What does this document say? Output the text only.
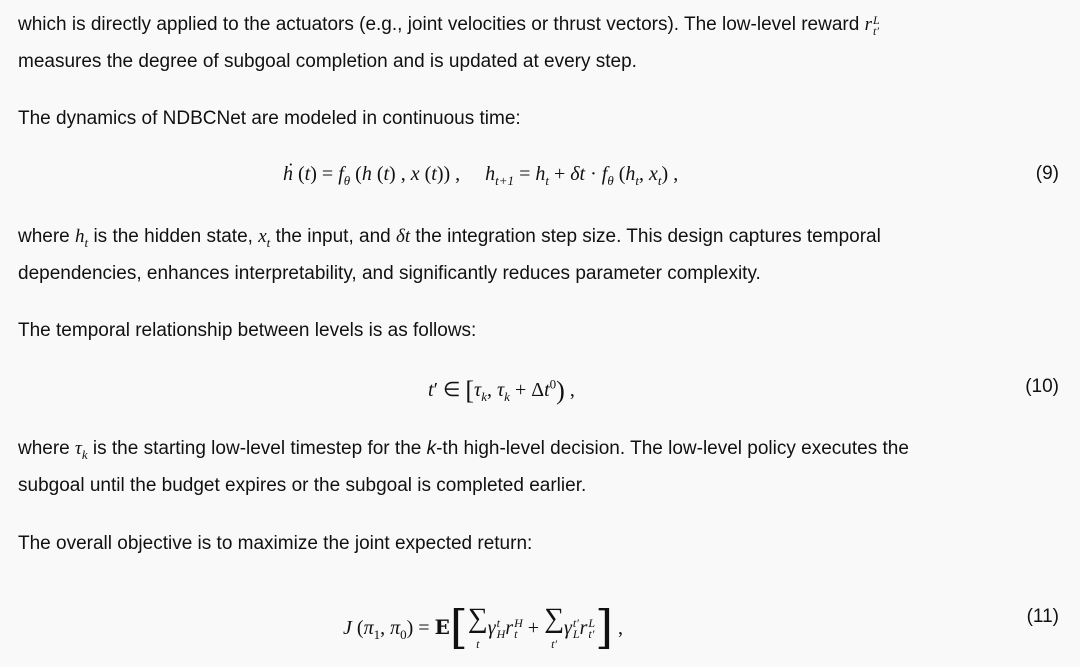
which is directly applied to the actuators (e.g., joint velocities or thrust vectors). The low-level reward r L
t′

measures the degree of subgoal completion and is updated at every step.
The dynamics of NDBCNet are modeled in continuous time:
ḣ $(t) = f_\theta$ (h (t) , x (t)) ,     $h_{t+1} = h_t + \delta t \cdot f_\theta$ ($h_t$, $x_t$) ,	(9)
where $h_t$ is the hidden state, $x_t$ the input, and δt the integration step size. This design captures temporal
dependencies, enhances interpretability, and significantly reduces parameter complexity.
The temporal relationship between levels is as follows:
t′ ∈ [$\tau_k$, $\tau_k + \Delta t^0$) ,	(10)
where $\tau_k$ is the starting low-level timestep for the k-th high-level decision. The low-level policy executes the
subgoal until the budget expires or the subgoal is completed earlier.
The overall objective is to maximize the joint expected return:
J ($\pi_1$, $\pi_0) = E$[ ∑
t
γ t
H r H
t + ∑
t′
γ t′
L r L
t′ ] ,
(11)
